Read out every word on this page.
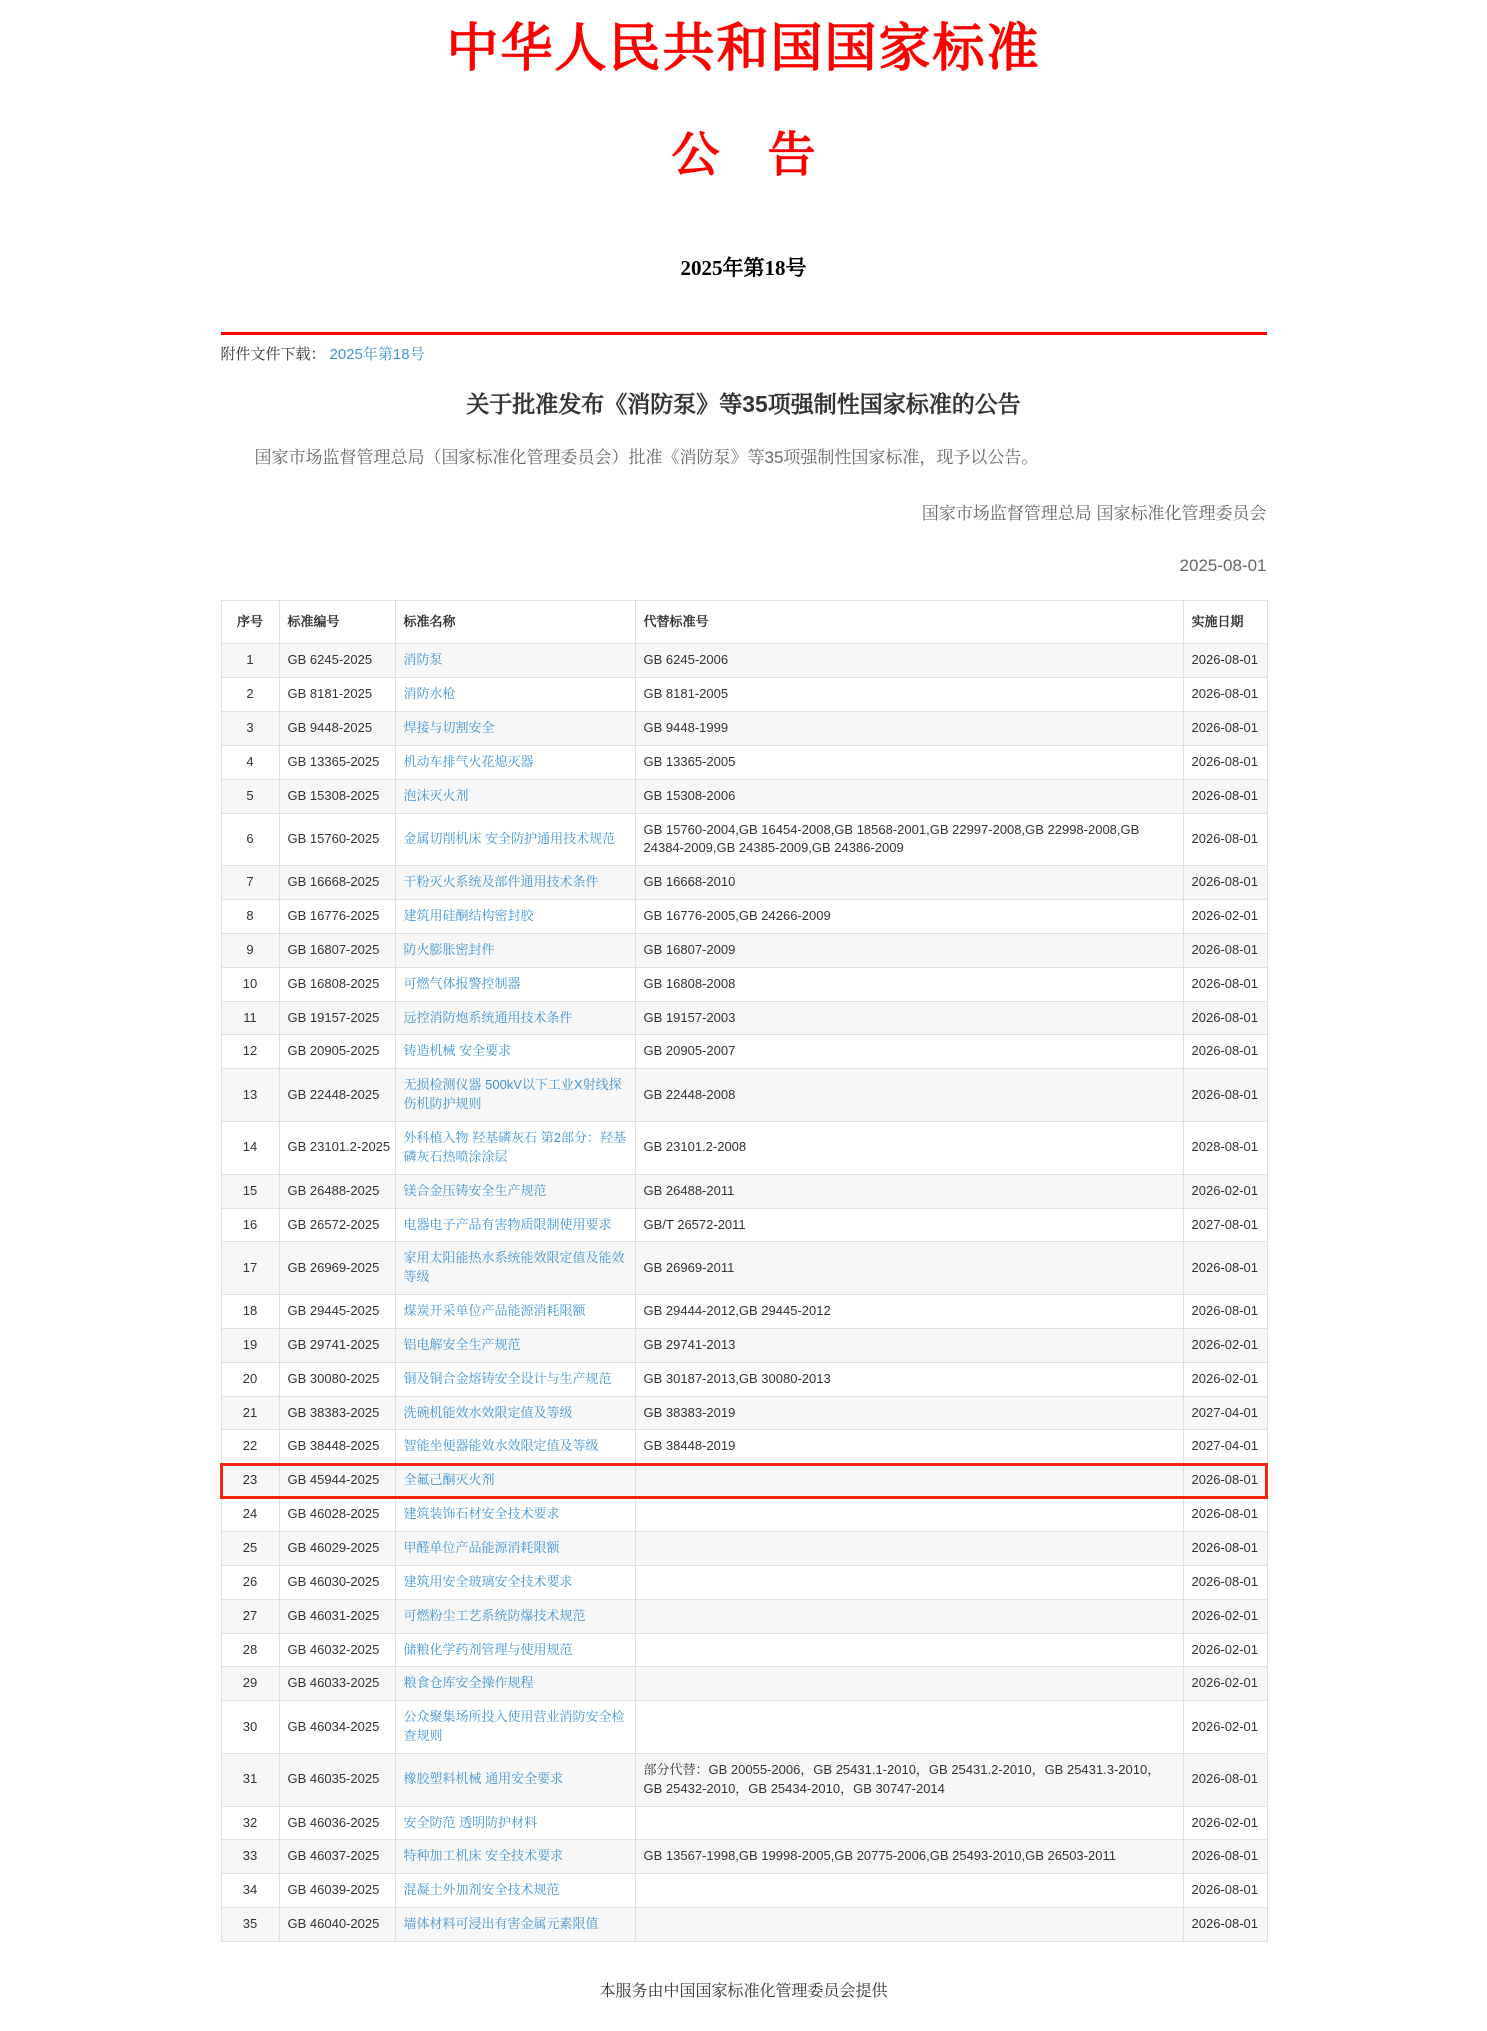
中华人民共和国国家标准
公　告
2025年第18号
附件文件下载： 2025年第18号
关于批准发布《消防泵》等35项强制性国家标准的公告

国家市场监督管理总局（国家标准化管理委员会）批准《消防泵》等35项强制性国家标准，现予以公告。

国家市场监督管理总局 国家标准化管理委员会
2025-08-01
序号	标准编号	标准名称	代替标准号	实施日期
1	GB 6245-2025	消防泵	GB 6245-2006	2026-08-01
2	GB 8181-2025	消防水枪	GB 8181-2005	2026-08-01
3	GB 9448-2025	焊接与切割安全	GB 9448-1999	2026-08-01
4	GB 13365-2025	机动车排气火花熄灭器	GB 13365-2005	2026-08-01
5	GB 15308-2025	泡沫灭火剂	GB 15308-2006	2026-08-01
6	GB 15760-2025	金属切削机床 安全防护通用技术规范	GB 15760-2004,GB 16454-2008,GB 18568-2001,GB 22997-2008,GB 22998-2008,GB 24384-2009,GB 24385-2009,GB 24386-2009	2026-08-01
7	GB 16668-2025	干粉灭火系统及部件通用技术条件	GB 16668-2010	2026-08-01
8	GB 16776-2025	建筑用硅酮结构密封胶	GB 16776-2005,GB 24266-2009	2026-02-01
9	GB 16807-2025	防火膨胀密封件	GB 16807-2009	2026-08-01
10	GB 16808-2025	可燃气体报警控制器	GB 16808-2008	2026-08-01
11	GB 19157-2025	远控消防炮系统通用技术条件	GB 19157-2003	2026-08-01
12	GB 20905-2025	铸造机械 安全要求	GB 20905-2007	2026-08-01
13	GB 22448-2025	无损检测仪器 500kV以下工业X射线探伤机防护规则	GB 22448-2008	2026-08-01
14	GB 23101.2-2025	外科植入物 羟基磷灰石 第2部分：羟基磷灰石热喷涂涂层	GB 23101.2-2008	2028-08-01
15	GB 26488-2025	镁合金压铸安全生产规范	GB 26488-2011	2026-02-01
16	GB 26572-2025	电器电子产品有害物质限制使用要求	GB/T 26572-2011	2027-08-01
17	GB 26969-2025	家用太阳能热水系统能效限定值及能效等级	GB 26969-2011	2026-08-01
18	GB 29445-2025	煤炭开采单位产品能源消耗限额	GB 29444-2012,GB 29445-2012	2026-08-01
19	GB 29741-2025	铝电解安全生产规范	GB 29741-2013	2026-02-01
20	GB 30080-2025	铜及铜合金熔铸安全设计与生产规范	GB 30187-2013,GB 30080-2013	2026-02-01
21	GB 38383-2025	洗碗机能效水效限定值及等级	GB 38383-2019	2027-04-01
22	GB 38448-2025	智能坐便器能效水效限定值及等级	GB 38448-2019	2027-04-01
23	GB 45944-2025	全氟己酮灭火剂		2026-08-01
24	GB 46028-2025	建筑装饰石材安全技术要求		2026-08-01
25	GB 46029-2025	甲醛单位产品能源消耗限额		2026-08-01
26	GB 46030-2025	建筑用安全玻璃安全技术要求		2026-08-01
27	GB 46031-2025	可燃粉尘工艺系统防爆技术规范		2026-02-01
28	GB 46032-2025	储粮化学药剂管理与使用规范		2026-02-01
29	GB 46033-2025	粮食仓库安全操作规程		2026-02-01
30	GB 46034-2025	公众聚集场所投入使用营业消防安全检查规则		2026-02-01
31	GB 46035-2025	橡胶塑料机械 通用安全要求	部分代替：GB 20055-2006，GB 25431.1-2010，GB 25431.2-2010，GB 25431.3-2010，GB 25432-2010，GB 25434-2010，GB 30747-2014	2026-08-01
32	GB 46036-2025	安全防范 透明防护材料		2026-02-01
33	GB 46037-2025	特种加工机床 安全技术要求	GB 13567-1998,GB 19998-2005,GB 20775-2006,GB 25493-2010,GB 26503-2011	2026-08-01
34	GB 46039-2025	混凝土外加剂安全技术规范		2026-08-01
35	GB 46040-2025	墙体材料可浸出有害金属元素限值		2026-08-01
本服务由中国国家标准化管理委员会提供
